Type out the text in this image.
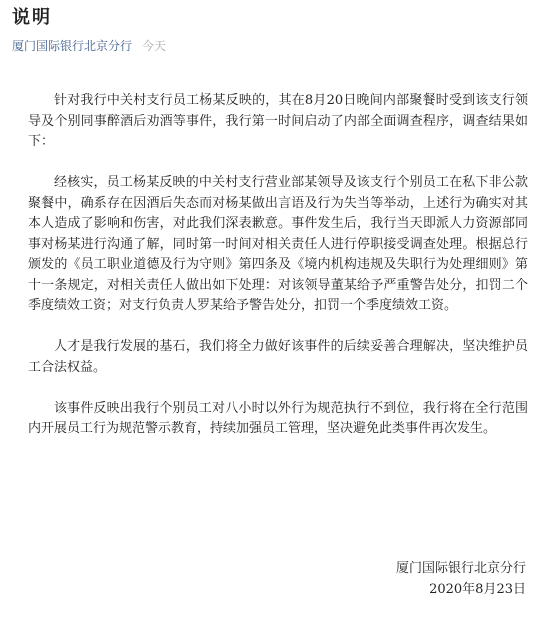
说明
厦门国际银行北京分行 今天

针对我行中关村支行员工杨某反映的，其在8月20日晚间内部聚餐时受到该支行领导及个别同事醉酒后劝酒等事件，我行第一时间启动了内部全面调查程序，调查结果如下：

经核实，员工杨某反映的中关村支行营业部某领导及该支行个别员工在私下非公款聚餐中，确系存在因酒后失态而对杨某做出言语及行为失当等举动，上述行为确实对其本人造成了影响和伤害，对此我们深表歉意。事件发生后，我行当天即派人力资源部同事对杨某进行沟通了解，同时第一时间对相关责任人进行停职接受调查处理。根据总行颁发的《员工职业道德及行为守则》第四条及《境内机构违规及失职行为处理细则》第十一条规定，对相关责任人做出如下处理：对该领导董某给予严重警告处分，扣罚二个季度绩效工资；对支行负责人罗某给予警告处分，扣罚一个季度绩效工资。

人才是我行发展的基石，我们将全力做好该事件的后续妥善合理解决，坚决维护员工合法权益。

该事件反映出我行个别员工对八小时以外行为规范执行不到位，我行将在全行范围内开展员工行为规范警示教育，持续加强员工管理，坚决避免此类事件再次发生。

厦门国际银行北京分行
2020年8月23日
